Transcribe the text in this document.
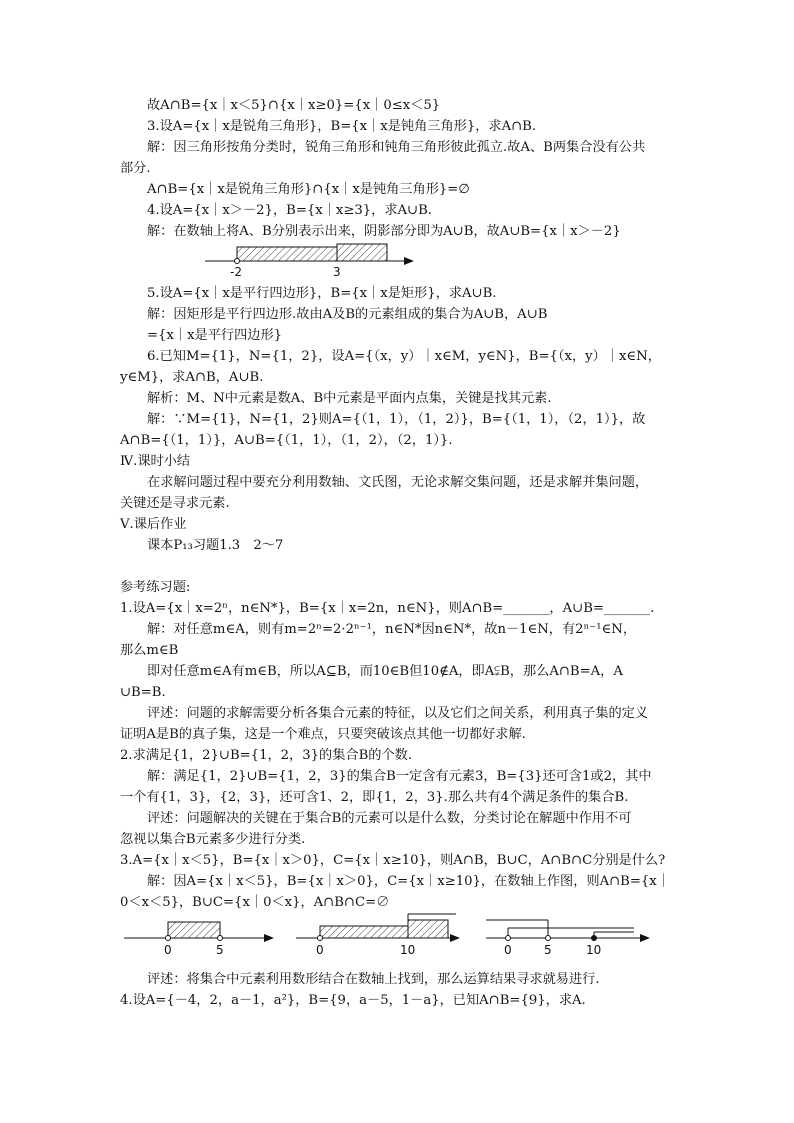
故A∩B={x｜x＜5}∩{x｜x≥0}={x｜0≤x＜5}
3.设A={x｜x是锐角三角形}，B={x｜x是钝角三角形}，求A∩B.
解：因三角形按角分类时，锐角三角形和钝角三角形彼此孤立.故A、B两集合没有公共
部分.
A∩B={x｜x是锐角三角形}∩{x｜x是钝角三角形}=∅
4.设A={x｜x＞－2}，B={x｜x≥3}，求A∪B.
解：在数轴上将A、B分别表示出来，阴影部分即为A∪B，故A∪B={x｜x＞－2}
-2	3
5.设A={x｜x是平行四边形}，B={x｜x是矩形}，求A∪B.
解：因矩形是平行四边形.故由A及B的元素组成的集合为A∪B，A∪B
={x｜x是平行四边形}
6.已知M={1}，N={1，2}，设A={（x，y）｜x∈M，y∈N}，B={（x，y）｜x∈N，
y∈M}，求A∩B，A∪B.
解析：M、N中元素是数A、B中元素是平面内点集，关键是找其元素.
解：∵M={1}，N={1，2}则A={（1，1），（1，2）}，B={（1，1），（2，1）}，故
A∩B={（1，1）}，A∪B={（1，1），（1，2），（2，1）}.
Ⅳ.课时小结
在求解问题过程中要充分利用数轴、文氏图，无论求解交集问题，还是求解并集问题，
关键还是寻求元素.
Ⅴ.课后作业
课本P₁₃习题1.3　2～7
参考练习题:
1.设A={x｜x=2ⁿ，n∈N*}，B={x｜x=2n，n∈N}，则A∩B=_______，A∪B=_______.
解：对任意m∈A，则有m=2ⁿ=2·2ⁿ⁻¹，n∈N*因n∈N*，故n－1∈N，有2ⁿ⁻¹∈N，
那么m∈B
即对任意m∈A有m∈B，所以A⊆B，而10∈B但10∉A，即A⫋B，那么A∩B=A，A
∪B=B.
评述：问题的求解需要分析各集合元素的特征，以及它们之间关系，利用真子集的定义
证明A是B的真子集，这是一个难点，只要突破该点其他一切都好求解.
2.求满足{1，2}∪B={1，2，3}的集合B的个数.
解：满足{1，2}∪B={1，2，3}的集合B一定含有元素3，B={3}还可含1或2，其中
一个有{1，3}，{2，3}，还可含1、2，即{1，2，3}.那么共有4个满足条件的集合B.
评述：问题解决的关键在于集合B的元素可以是什么数，分类讨论在解题中作用不可
忽视以集合B元素多少进行分类.
3.A={x｜x＜5}，B={x｜x＞0}，C={x｜x≥10}，则A∩B，B∪C，A∩B∩C分别是什么?
解：因A={x｜x＜5}，B={x｜x＞0}，C={x｜x≥10}，在数轴上作图，则A∩B={x｜
0＜x＜5}，B∪C={x｜0＜x}，A∩B∩C=∅
0	5	0	10	0	5	10
评述：将集合中元素利用数形结合在数轴上找到，那么运算结果寻求就易进行.
4.设A={－4，2，a－1，a²}，B={9，a－5，1－a}，已知A∩B={9}，求A.
